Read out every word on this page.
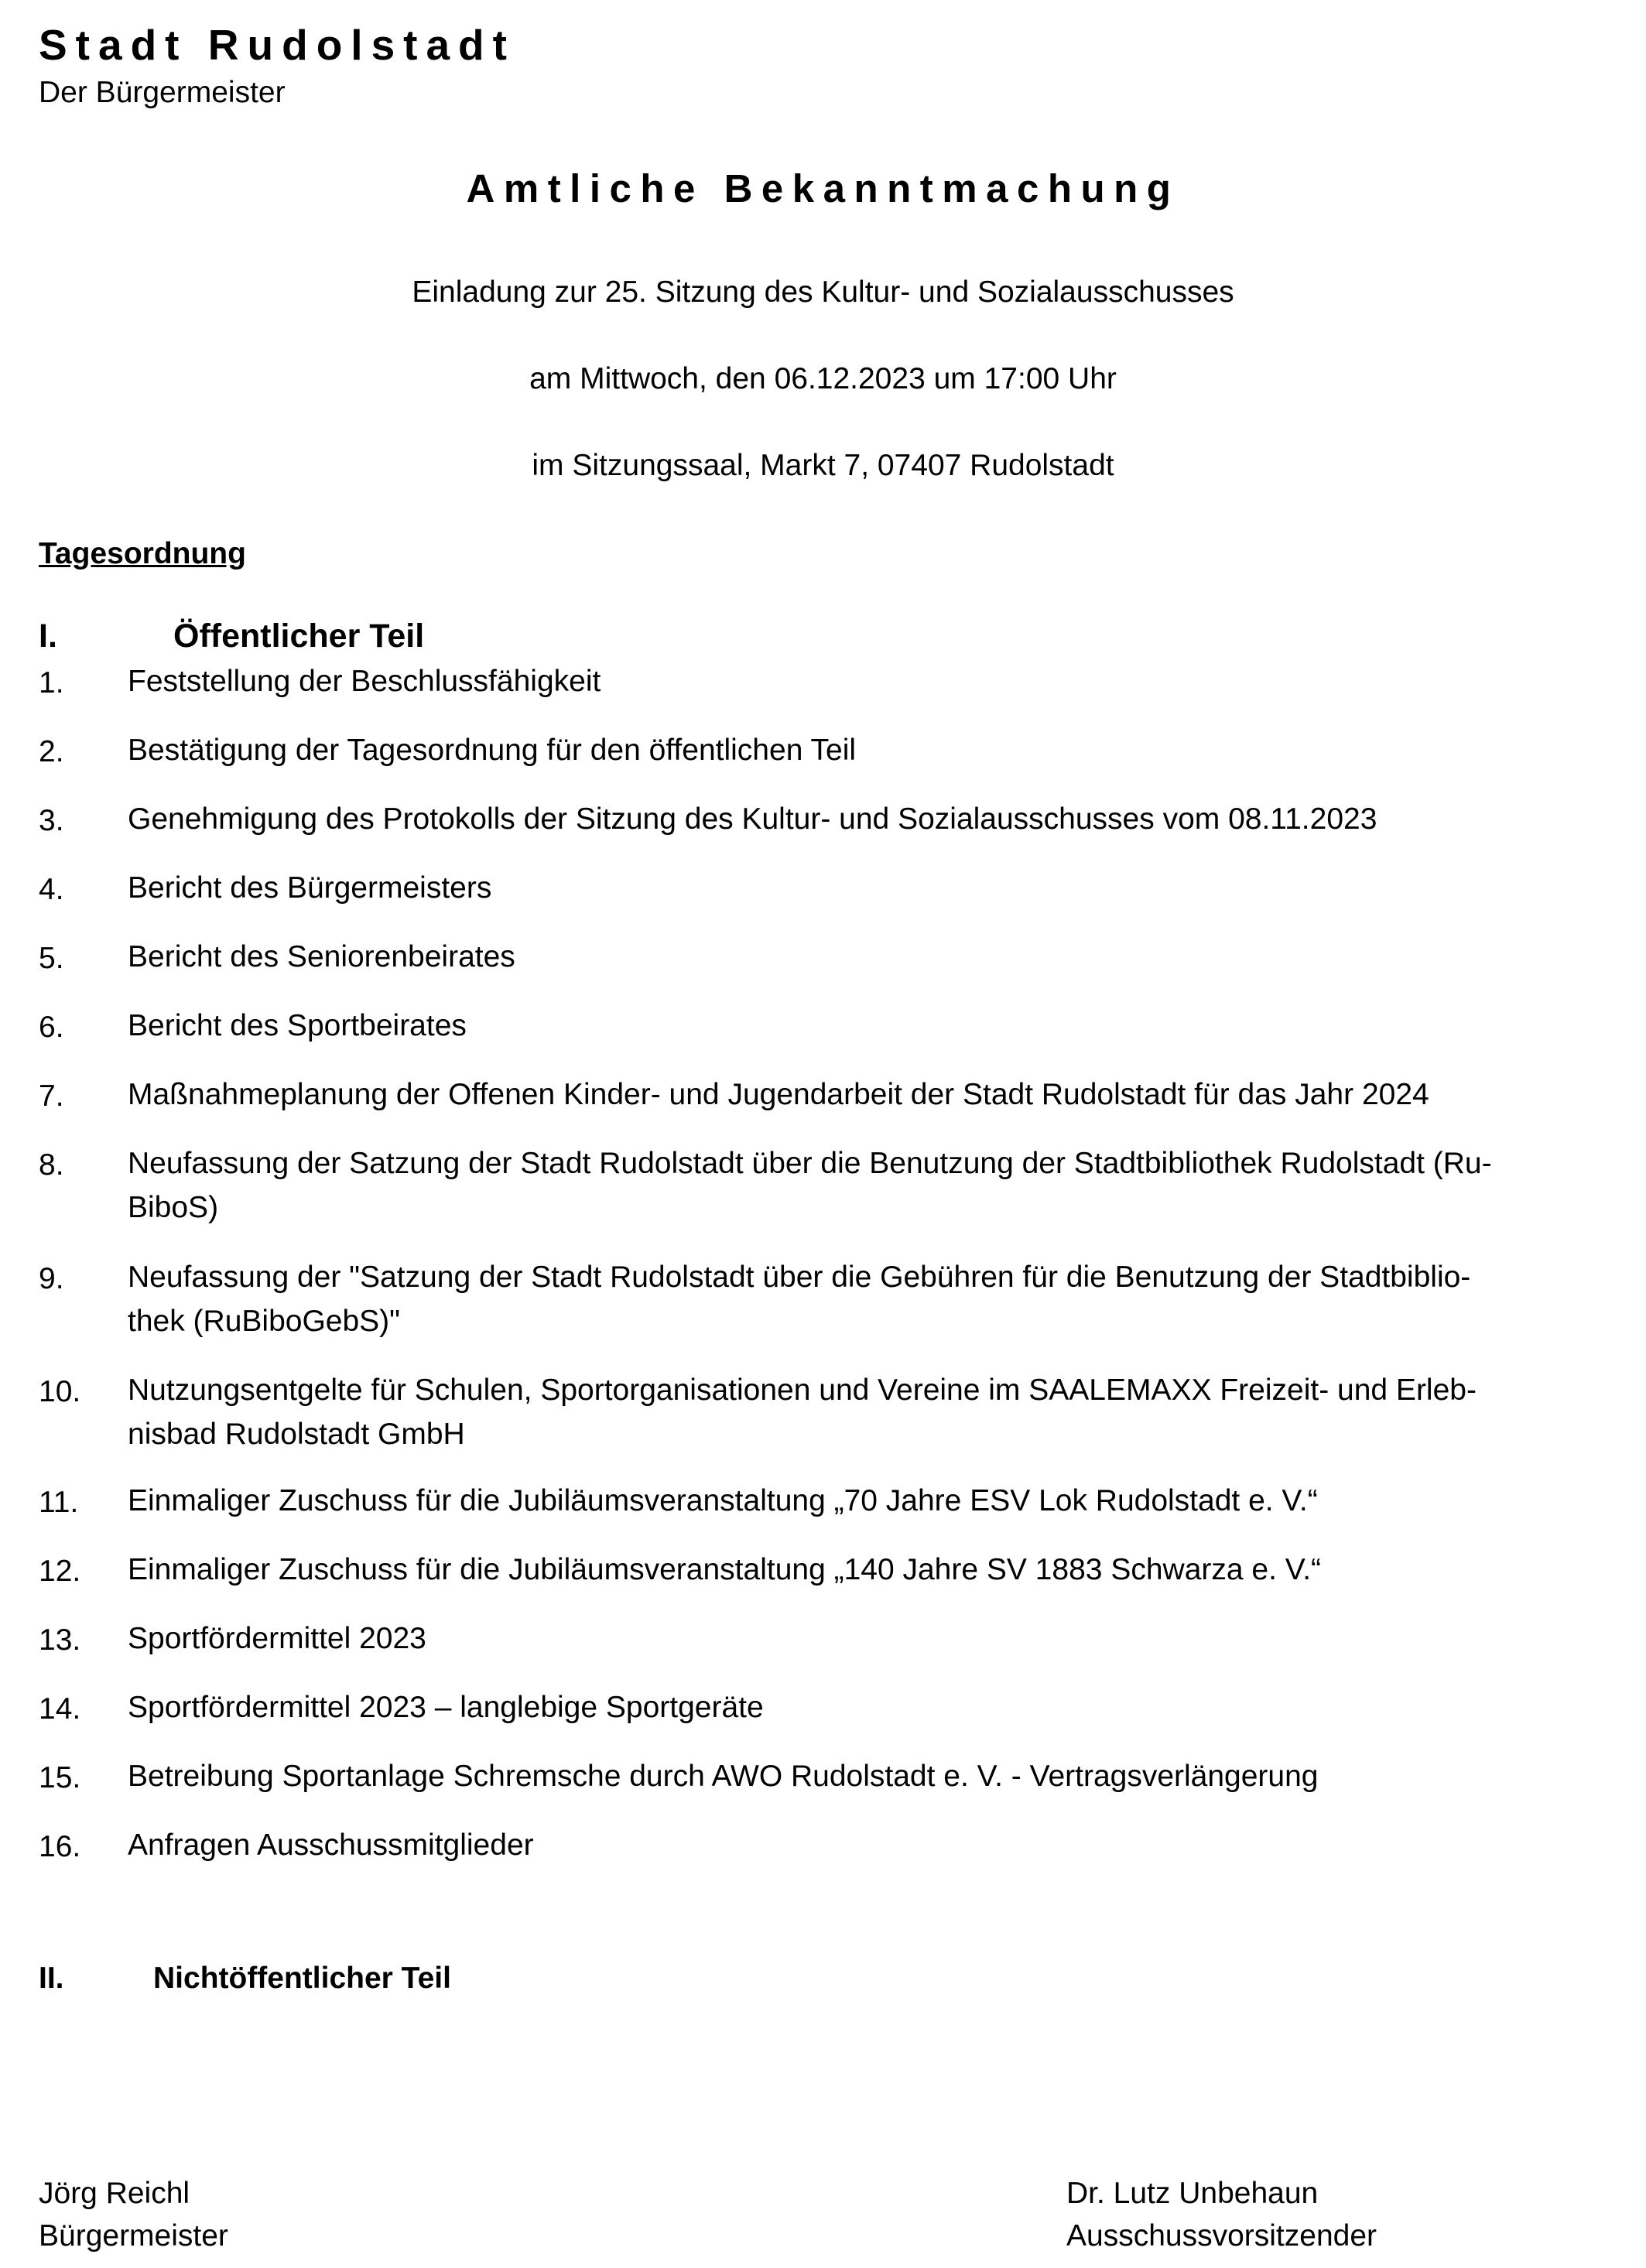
Stadt Rudolstadt
Der Bürgermeister
Amtliche Bekanntmachung
Einladung zur 25. Sitzung des Kultur- und Sozialausschusses
am Mittwoch, den 06.12.2023 um 17:00 Uhr
im Sitzungssaal, Markt 7, 07407 Rudolstadt
Tagesordnung
I.	Öffentlicher Teil
1. Feststellung der Beschlussfähigkeit
2. Bestätigung der Tagesordnung für den öffentlichen Teil
3. Genehmigung des Protokolls der Sitzung des Kultur- und Sozialausschusses vom 08.11.2023
4. Bericht des Bürgermeisters
5. Bericht des Seniorenbeirates
6. Bericht des Sportbeirates
7. Maßnahmeplanung der Offenen Kinder- und Jugendarbeit der Stadt Rudolstadt für das Jahr 2024
8. Neufassung der Satzung der Stadt Rudolstadt über die Benutzung der Stadtbibliothek Rudolstadt (Ru-
BiboS)
9. Neufassung der "Satzung der Stadt Rudolstadt über die Gebühren für die Benutzung der Stadtbiblio-
thek (RuBiboGebS)"
10. Nutzungsentgelte für Schulen, Sportorganisationen und Vereine im SAALEMAXX Freizeit- und Erleb-
nisbad Rudolstadt GmbH
11. Einmaliger Zuschuss für die Jubiläumsveranstaltung „70 Jahre ESV Lok Rudolstadt e. V.“
12. Einmaliger Zuschuss für die Jubiläumsveranstaltung „140 Jahre SV 1883 Schwarza e. V.“
13. Sportfördermittel 2023
14. Sportfördermittel 2023 – langlebige Sportgeräte
15. Betreibung Sportanlage Schremsche durch AWO Rudolstadt e. V. - Vertragsverlängerung
16. Anfragen Ausschussmitglieder
II.	Nichtöffentlicher Teil
Jörg Reichl
Bürgermeister
Dr. Lutz Unbehaun
Ausschussvorsitzender
